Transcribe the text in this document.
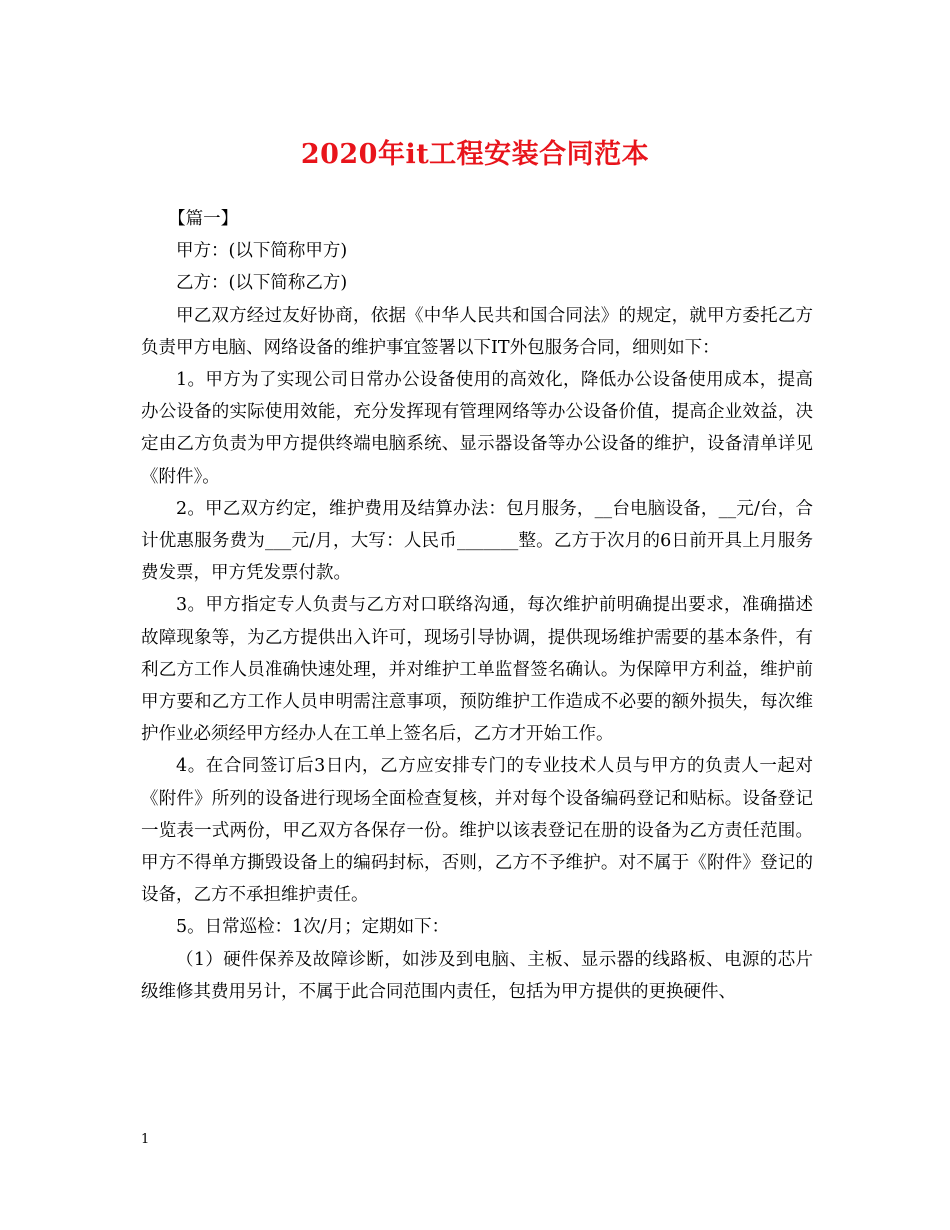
2020年it工程安装合同范本

【篇一】

甲方：(以下简称甲方)

乙方：(以下简称乙方)

甲乙双方经过友好协商，依据《中华人民共和国合同法》的规定，就甲方委托乙方负责甲方电脑、网络设备的维护事宜签署以下IT外包服务合同，细则如下：

1。甲方为了实现公司日常办公设备使用的高效化，降低办公设备使用成本，提高办公设备的实际使用效能，充分发挥现有管理网络等办公设备价值，提高企业效益，决定由乙方负责为甲方提供终端电脑系统、显示器设备等办公设备的维护，设备清单详见《附件》。

2。甲乙双方约定，维护费用及结算办法：包月服务，__台电脑设备，__元/台，合计优惠服务费为___元/月，大写：人民币_______整。乙方于次月的6日前开具上月服务费发票，甲方凭发票付款。

3。甲方指定专人负责与乙方对口联络沟通，每次维护前明确提出要求，准确描述故障现象等，为乙方提供出入许可，现场引导协调，提供现场维护需要的基本条件，有利乙方工作人员准确快速处理，并对维护工单监督签名确认。为保障甲方利益，维护前甲方要和乙方工作人员申明需注意事项，预防维护工作造成不必要的额外损失，每次维护作业必须经甲方经办人在工单上签名后，乙方才开始工作。

4。在合同签订后3日内，乙方应安排专门的专业技术人员与甲方的负责人一起对《附件》所列的设备进行现场全面检查复核，并对每个设备编码登记和贴标。设备登记一览表一式两份，甲乙双方各保存一份。维护以该表登记在册的设备为乙方责任范围。甲方不得单方撕毁设备上的编码封标，否则，乙方不予维护。对不属于《附件》登记的设备，乙方不承担维护责任。

5。日常巡检：1次/月；定期如下：

（1）硬件保养及故障诊断，如涉及到电脑、主板、显示器的线路板、电源的芯片级维修其费用另计，不属于此合同范围内责任，包括为甲方提供的更换硬件、

1
